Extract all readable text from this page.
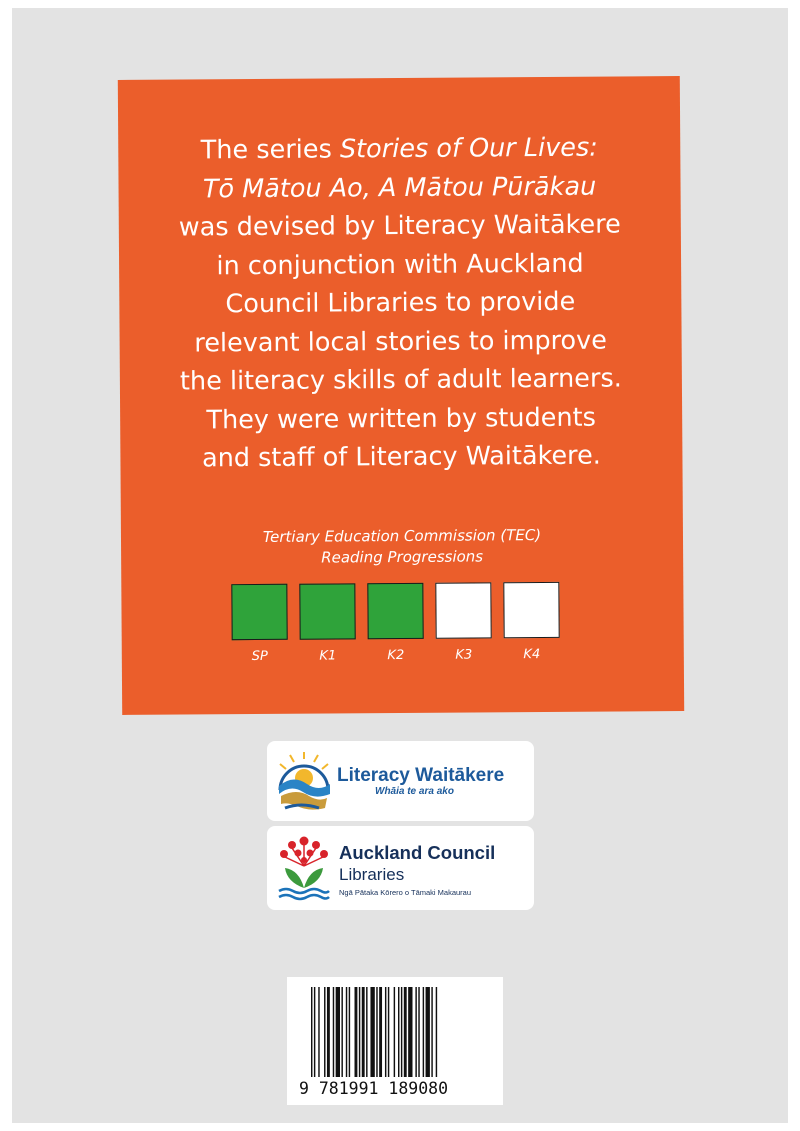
The series Stories of Our Lives:
Tō Mātou Ao, A Mātou Pūrākau
was devised by Literacy Waitākere
in conjunction with Auckland
Council Libraries to provide
relevant local stories to improve
the literacy skills of adult learners.
They were written by students
and staff of Literacy Waitākere.
Tertiary Education Commission (TEC)
Reading Progressions
SP	K1	K2	K3	K4
Literacy Waitākere
Whāia te ara ako
Auckland Council
Libraries
Ngā Pātaka Kōrero o Tāmaki Makaurau
9 781991 189080
